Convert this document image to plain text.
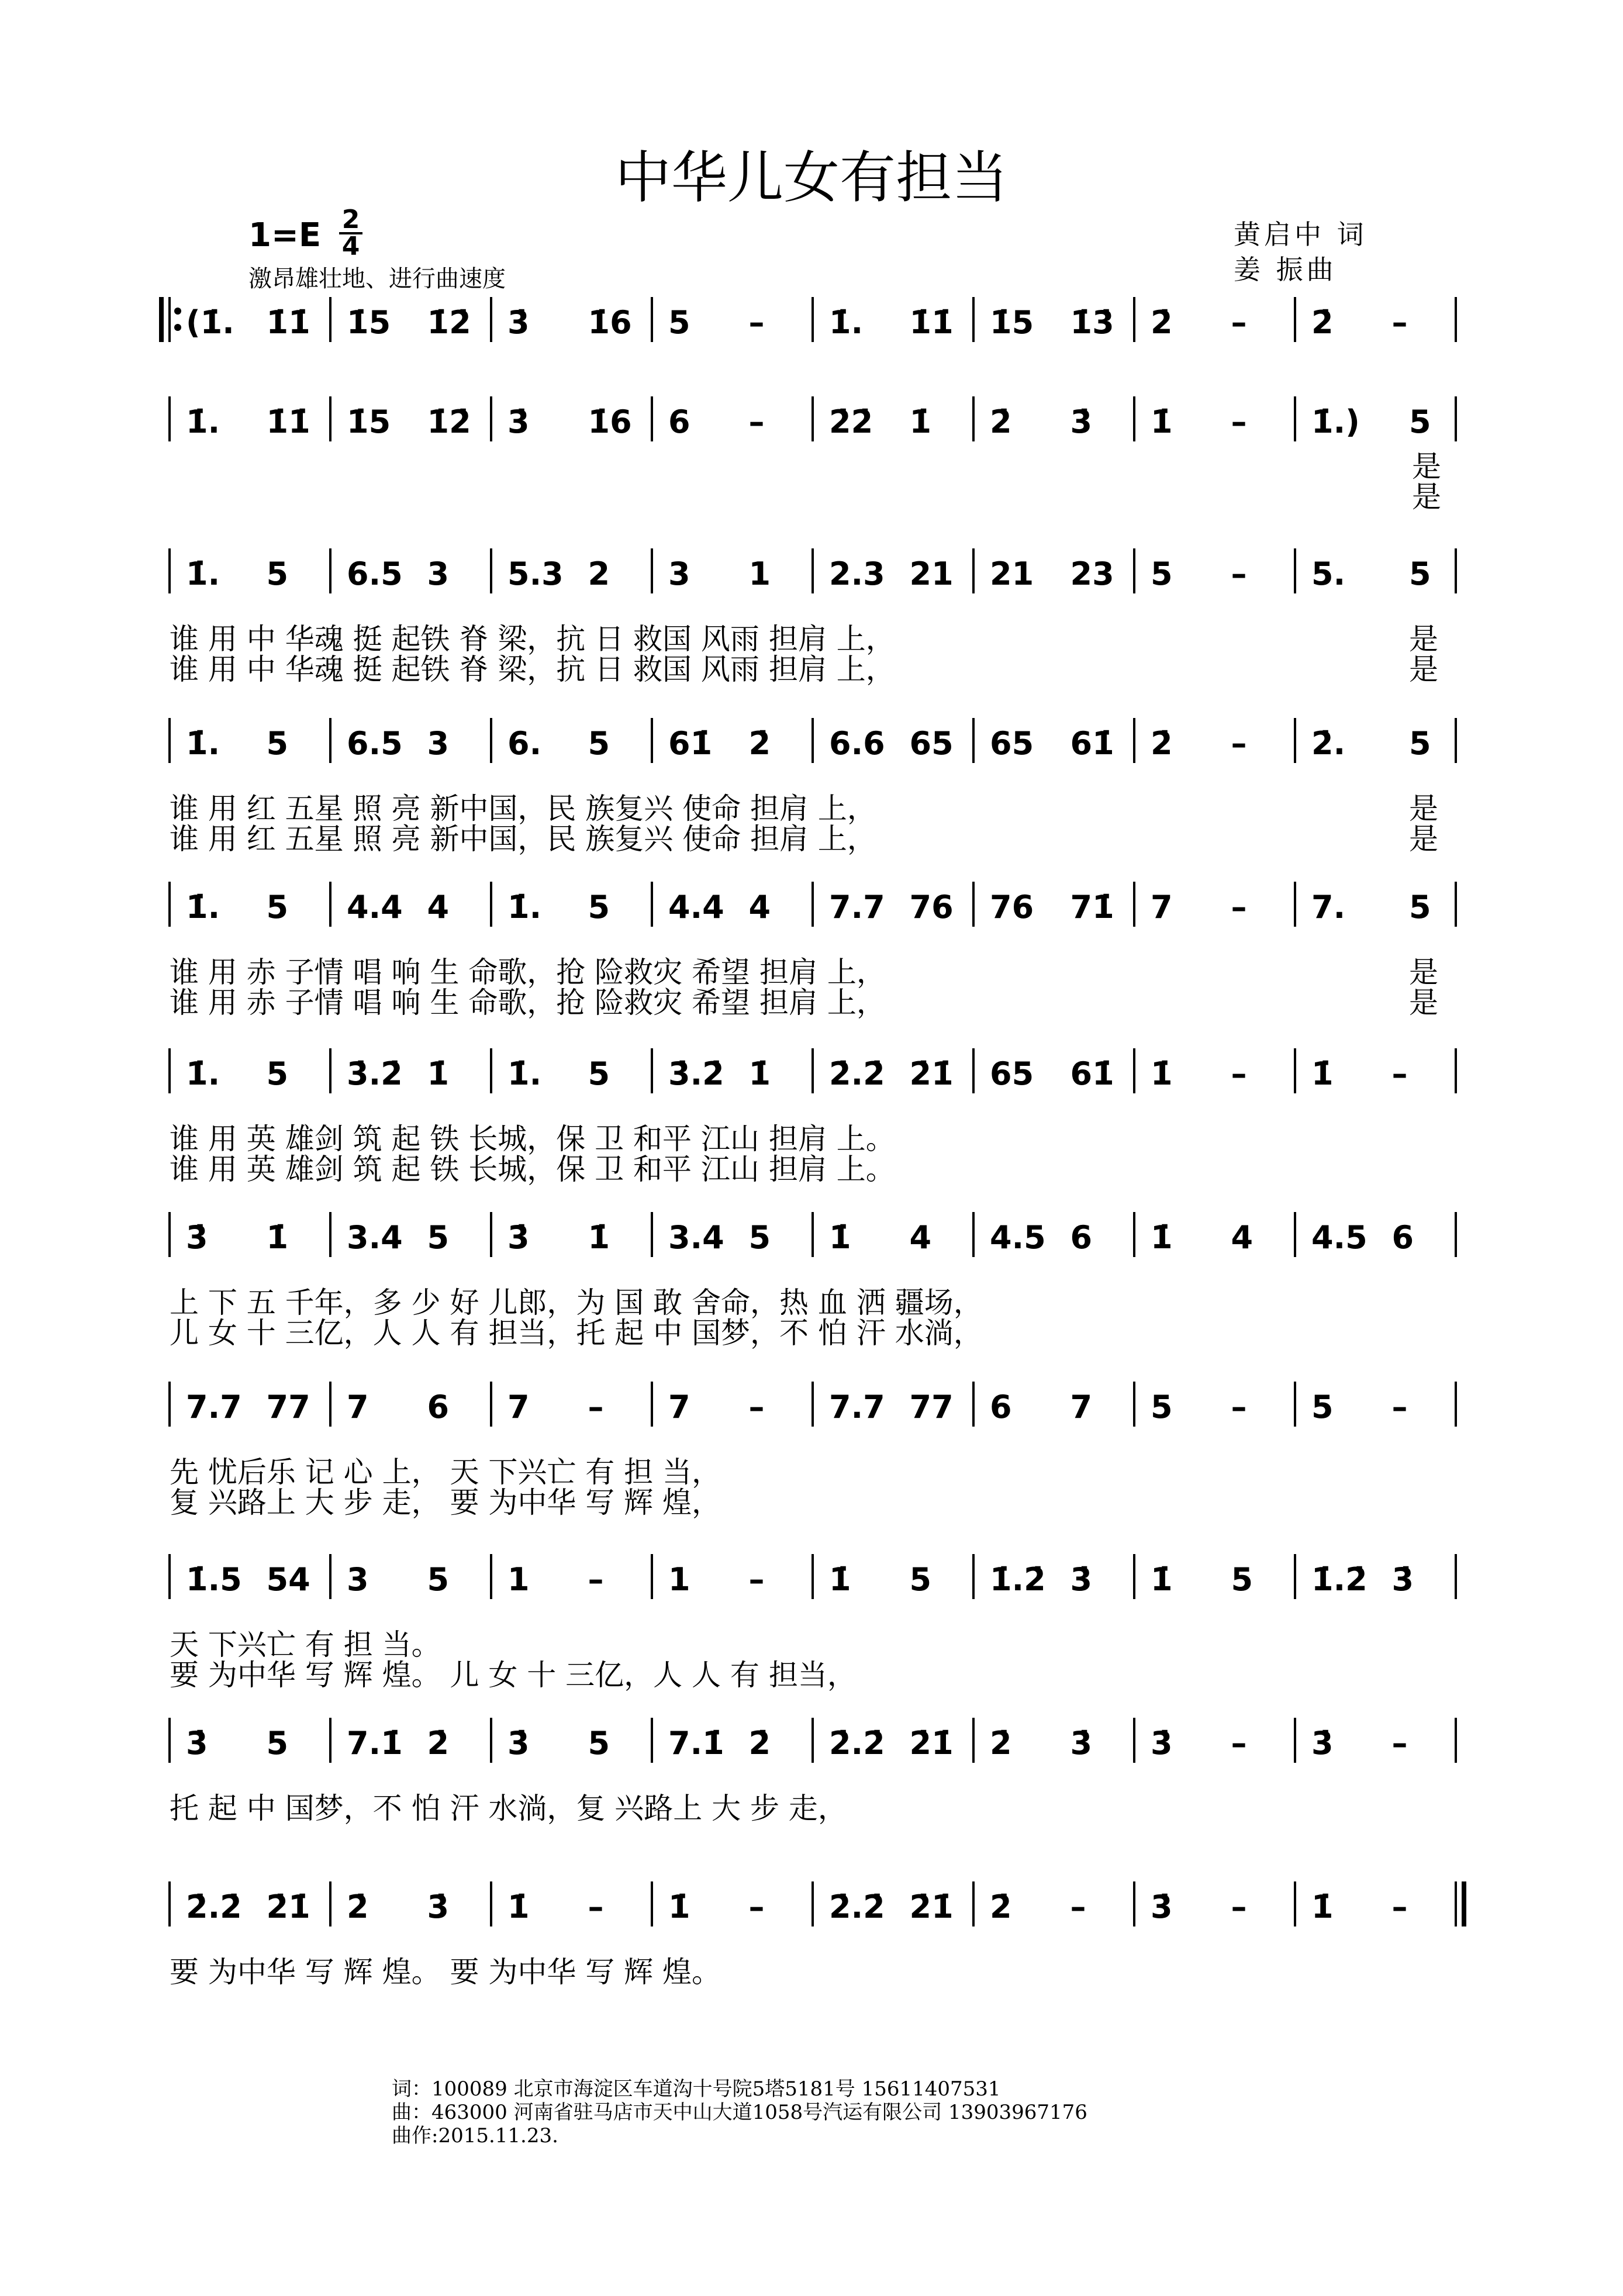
中华儿女有担当
1=E 2
4
激昂雄壮地、进行曲速度
黄启中 词
姜 振曲
(1̇. 1̇1̇ 1̇5 1̇2̇ 3̇ 1̇6 5 – 1̇. 1̇1̇ 1̇5 1̇3̇ 2̇ – 2̇ –
1̇. 1̇1̇ 1̇5 1̇2̇ 3̇ 1̇6 6 – 2̇2̇ 1̇ 2̇ 3̇ 1̇ – 1̇.) 5
是
是
1̇. 5 6.5 3 5.3 2 3 1 2.3 21 21 23 5 – 5. 5
谁 用 中 华魂 挺 起铁 脊 梁，抗 日 救国 风雨 担肩 上，
谁 用 中 华魂 挺 起铁 脊 梁，抗 日 救国 风雨 担肩 上，
是
是
1̇. 5 6.5 3 6. 5 61̇ 2̇ 6.6 65 65 61̇ 2̇ – 2̇. 5
谁 用 红 五星 照 亮 新中国，民 族复兴 使命 担肩 上，
谁 用 红 五星 照 亮 新中国，民 族复兴 使命 担肩 上，
是
是
1̇. 5 4.4 4 1̇. 5 4.4 4 7.7 76 76 71̇ 7 – 7. 5
谁 用 赤 子情 唱 响 生 命歌，抢 险救灾 希望 担肩 上，
谁 用 赤 子情 唱 响 生 命歌，抢 险救灾 希望 担肩 上，
是
是
1̇. 5 3̇.2̇ 1̇ 1̇. 5 3̇.2̇ 1̇ 2̇.2̇ 2̇1̇ 65 61̇ 1̇ – 1̇ –
谁 用 英 雄剑 筑 起 铁 长城，保 卫 和平 江山 担肩 上。
谁 用 英 雄剑 筑 起 铁 长城，保 卫 和平 江山 担肩 上。
3̇ 1̇ 3.4 5 3̇ 1̇ 3.4 5 1̇ 4 4.5 6 1̇ 4 4.5 6
上 下 五 千年，多 少 好 儿郎，为 国 敢 舍命，热 血 洒 疆场，
儿 女 十 三亿，人 人 有 担当，托 起 中 国梦，不 怕 汗 水淌，
7.7 77 7 6 7 – 7 – 7.7 77 6 7 5 – 5 –
先 忧后乐 记 心 上， 天 下兴亡 有 担 当，
复 兴路上 大 步 走， 要 为中华 写 辉 煌，
1̇.5 54 3 5 1 – 1 – 1̇ 5 1̇.2̇ 3̇ 1̇ 5 1̇.2̇ 3̇
天 下兴亡 有 担 当。
要 为中华 写 辉 煌。 儿 女 十 三亿，人 人 有 担当，
3̇ 5 7.1̇ 2̇ 3̇ 5 7.1̇ 2̇ 2̇.2̇ 2̇1̇ 2̇ 3̇ 3̇ – 3̇ –
托 起 中 国梦，不 怕 汗 水淌，复 兴路上 大 步 走，
2̇.2̇ 2̇1̇ 2̇ 3̇ 1̇ – 1̇ – 2̇.2̇ 2̇1̇ 2̇ – 3̇ – 1̇ –
要 为中华 写 辉 煌。 要 为中华 写 辉 煌。
词：100089 北京市海淀区车道沟十号院5塔5181号 15611407531
曲：463000 河南省驻马店市天中山大道1058号汽运有限公司 13903967176
曲作:2015.11.23.
